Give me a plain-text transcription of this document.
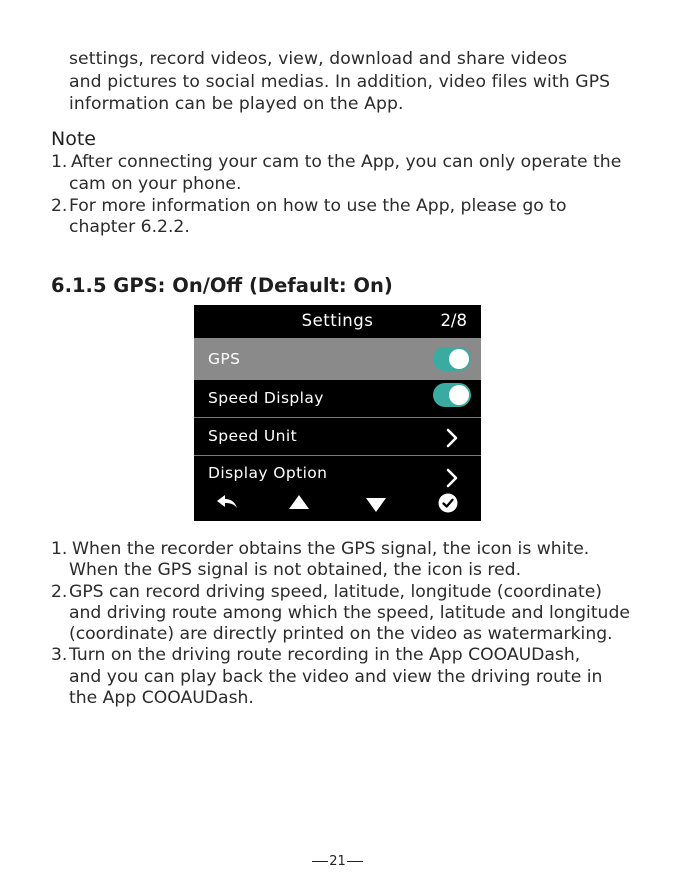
settings, record videos, view, download and share videos
and pictures to social medias. In addition, video files with GPS
information can be played on the App.
Note
1. After connecting your cam to the App, you can only operate the
cam on your phone.
2. For more information on how to use the App, please go to
chapter 6.2.2.
6.1.5 GPS: On/Off (Default: On)
Settings	2/8
GPS
Speed Display
Speed Unit
Display Option
1. When the recorder obtains the GPS signal, the icon is white.
When the GPS signal is not obtained, the icon is red.
2. GPS can record driving speed, latitude, longitude (coordinate)
and driving route among which the speed, latitude and longitude
(coordinate) are directly printed on the video as watermarking.
3. Turn on the driving route recording in the App COOAUDash,
and you can play back the video and view the driving route in
the App COOAUDash.
21
